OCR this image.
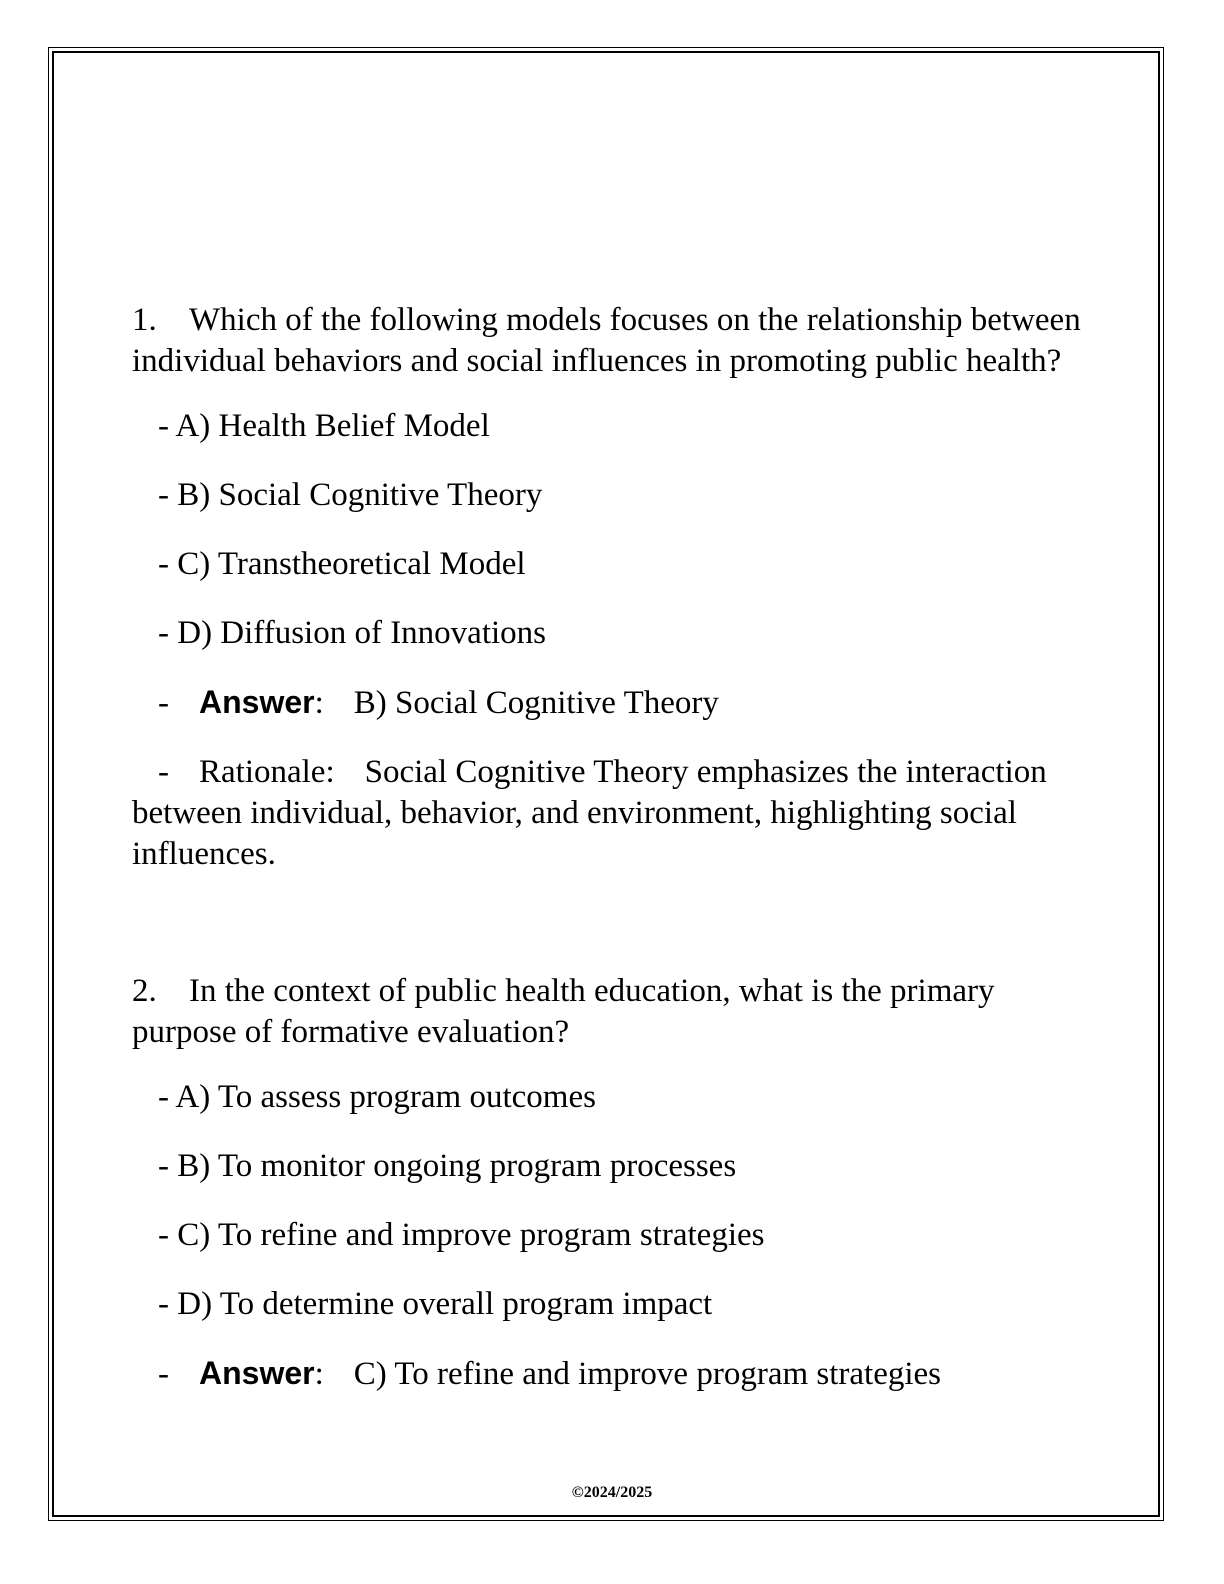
1. Which of the following models focuses on the relationship between individual behaviors and social influences in promoting public health?

- A) Health Belief Model

- B) Social Cognitive Theory

- C) Transtheoretical Model

- D) Diffusion of Innovations

- Answer: B) Social Cognitive Theory

- Rationale: Social Cognitive Theory emphasizes the interaction between individual, behavior, and environment, highlighting social influences.

2. In the context of public health education, what is the primary purpose of formative evaluation?

- A) To assess program outcomes

- B) To monitor ongoing program processes

- C) To refine and improve program strategies

- D) To determine overall program impact

- Answer: C) To refine and improve program strategies

©2024/2025
